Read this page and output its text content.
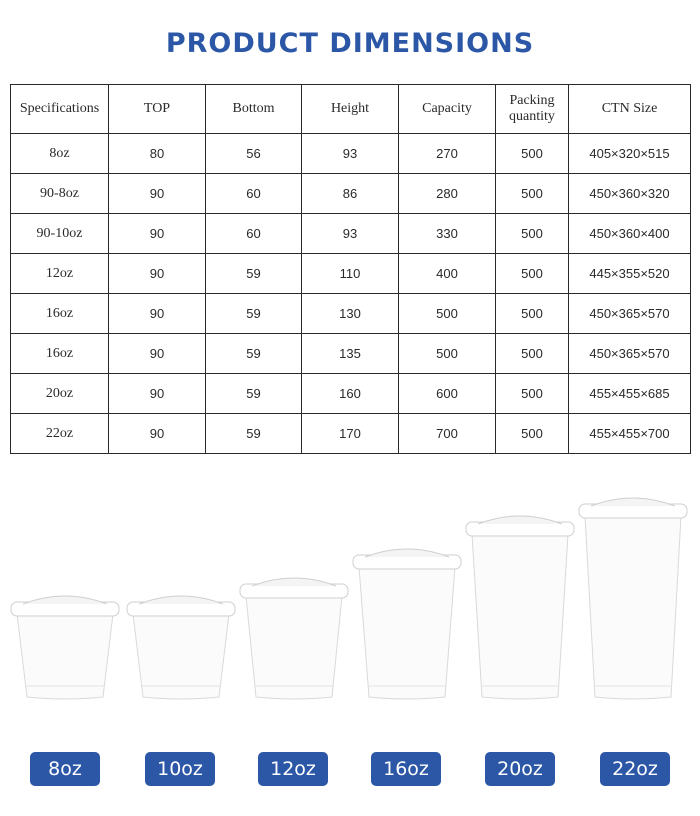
PRODUCT DIMENSIONS
Specifications	TOP	Bottom	Height	Capacity	Packing quantity	CTN Size
8oz	80	56	93	270	500	405×320×515
90-8oz	90	60	86	280	500	450×360×320
90-10oz	90	60	93	330	500	450×360×400
12oz	90	59	110	400	500	445×355×520
16oz	90	59	130	500	500	450×365×570
16oz	90	59	135	500	500	450×365×570
20oz	90	59	160	600	500	455×455×685
22oz	90	59	170	700	500	455×455×700
8oz	10oz	12oz	16oz	20oz	22oz
